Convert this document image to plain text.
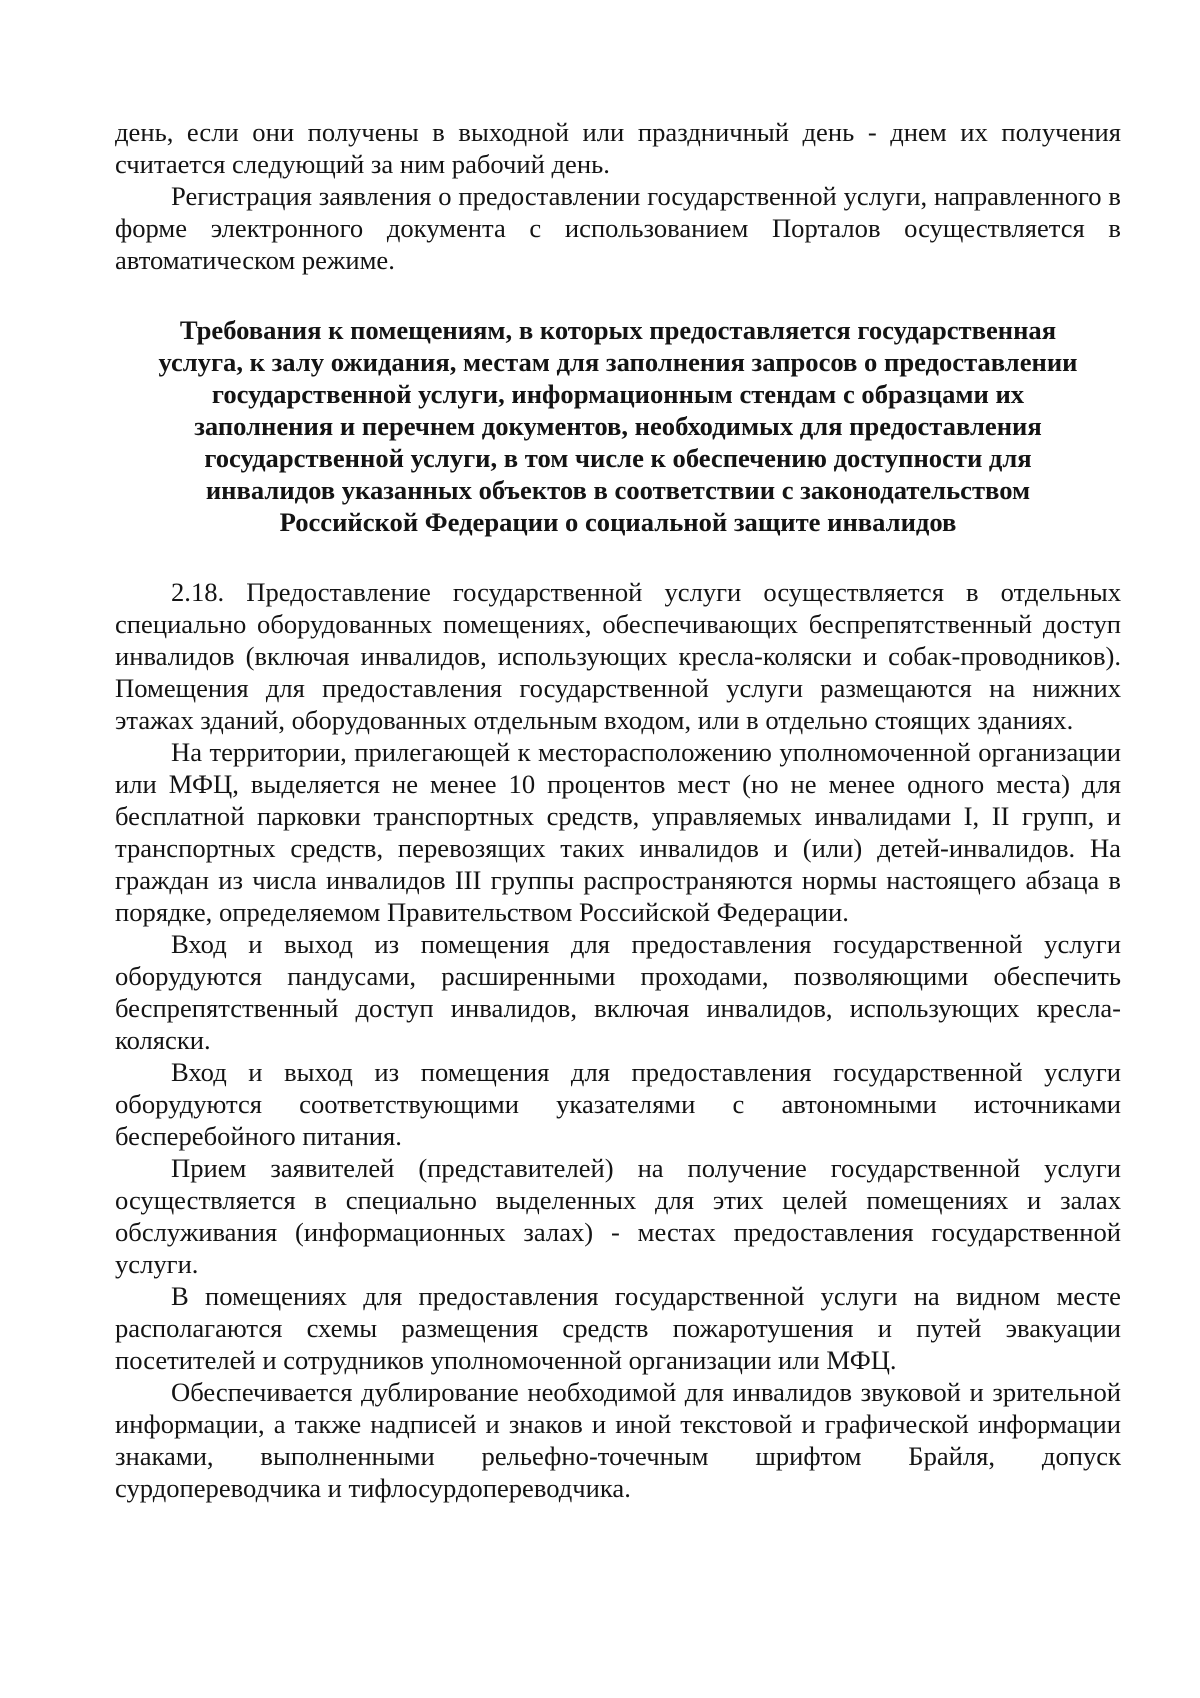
день, если они получены в выходной или праздничный день - днем их получения считается следующий за ним рабочий день.

Регистрация заявления о предоставлении государственной услуги, направленного в форме электронного документа с использованием Порталов осуществляется в автоматическом режиме.

Требования к помещениям, в которых предоставляется государственная
услуга, к залу ожидания, местам для заполнения запросов о предоставлении
государственной услуги, информационным стендам с образцами их
заполнения и перечнем документов, необходимых для предоставления
государственной услуги, в том числе к обеспечению доступности для
инвалидов указанных объектов в соответствии с законодательством
Российской Федерации о социальной защите инвалидов

2.18. Предоставление государственной услуги осуществляется в отдельных специально оборудованных помещениях, обеспечивающих беспрепятственный доступ инвалидов (включая инвалидов, использующих кресла-коляски и собак-проводников). Помещения для предоставления государственной услуги размещаются на нижних этажах зданий, оборудованных отдельным входом, или в отдельно стоящих зданиях.

На территории, прилегающей к месторасположению уполномоченной организации или МФЦ, выделяется не менее 10 процентов мест (но не менее одного места) для бесплатной парковки транспортных средств, управляемых инвалидами I, II групп, и транспортных средств, перевозящих таких инвалидов и (или) детей-инвалидов. На граждан из числа инвалидов III группы распространяются нормы настоящего абзаца в порядке, определяемом Правительством Российской Федерации.

Вход и выход из помещения для предоставления государственной услуги оборудуются пандусами, расширенными проходами, позволяющими обеспечить беспрепятственный доступ инвалидов, включая инвалидов, использующих кресла-коляски.

Вход и выход из помещения для предоставления государственной услуги оборудуются соответствующими указателями с автономными источниками бесперебойного питания.

Прием заявителей (представителей) на получение государственной услуги осуществляется в специально выделенных для этих целей помещениях и залах обслуживания (информационных залах) - местах предоставления государственной услуги.

В помещениях для предоставления государственной услуги на видном месте располагаются схемы размещения средств пожаротушения и путей эвакуации посетителей и сотрудников уполномоченной организации или МФЦ.

Обеспечивается дублирование необходимой для инвалидов звуковой и зрительной информации, а также надписей и знаков и иной текстовой и графической информации знаками, выполненными рельефно-точечным шрифтом Брайля, допуск сурдопереводчика и тифлосурдопереводчика.
